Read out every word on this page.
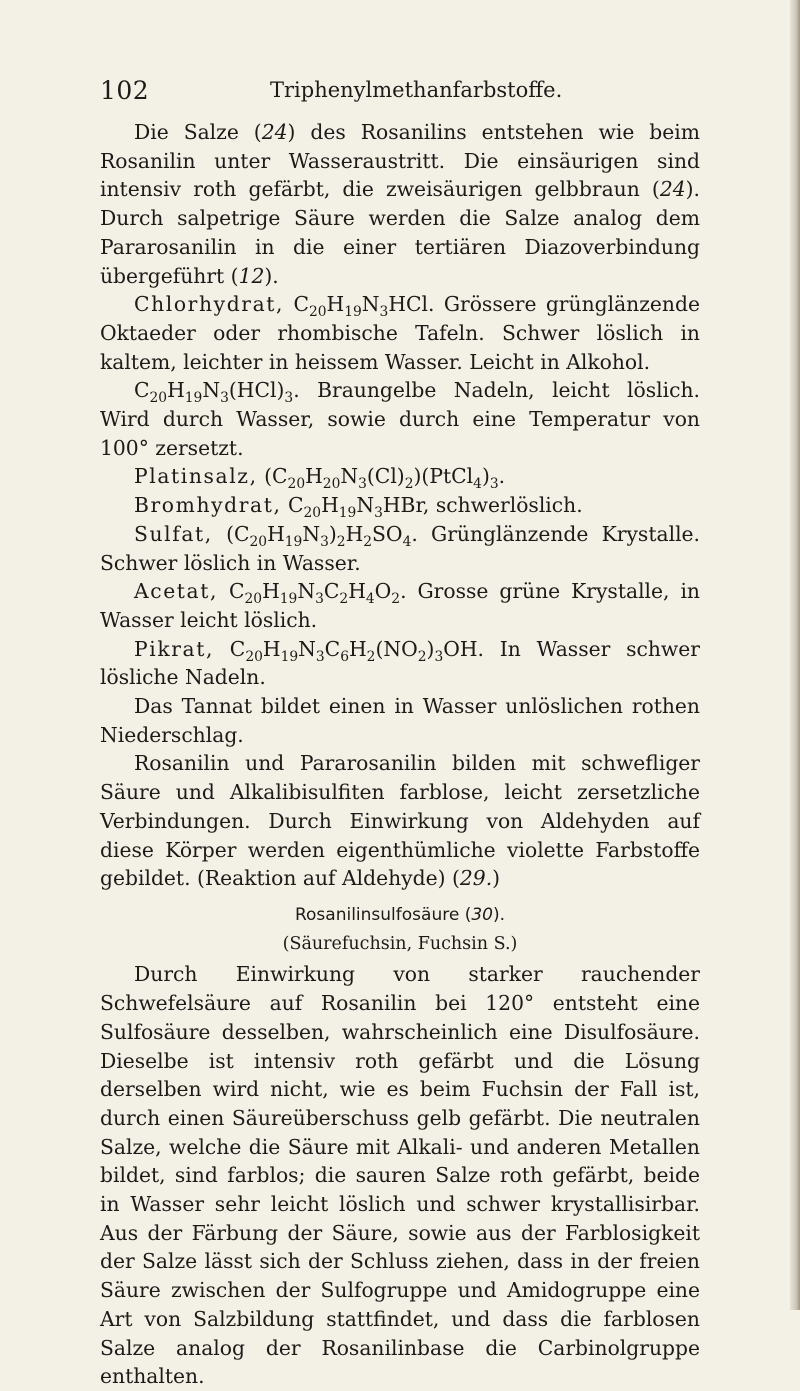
102	Triphenylmethanfarbstoffe.

Die Salze (24) des Rosanilins entstehen wie beim Rosanilin unter Wasseraustritt. Die einsäurigen sind intensiv roth gefärbt, die zweisäurigen gelbbraun (24). Durch salpetrige Säure werden die Salze analog dem Pararosanilin in die einer tertiären Diazoverbindung übergeführt (12).

Chlorhydrat, $C_{20}H_{19}N_3HCl$. Grössere grünglänzende Oktaeder oder rhombische Tafeln. Schwer löslich in kaltem, leichter in heissem Wasser. Leicht in Alkohol.

$C_{20}H_{19}N_3(HCl)_3$. Braungelbe Nadeln, leicht löslich. Wird durch Wasser, sowie durch eine Temperatur von 100° zersetzt.

Platinsalz, $(C_{20}H_{20}N_3(Cl)_2)(PtCl_4)_3$.

Bromhydrat, $C_{20}H_{19}N_3HBr$, schwerlöslich.

Sulfat, $(C_{20}H_{19}N_3)_2H_2SO_4$. Grünglänzende Krystalle. Schwer löslich in Wasser.

Acetat, $C_{20}H_{19}N_3C_2H_4O_2$. Grosse grüne Krystalle, in Wasser leicht löslich.

Pikrat, $C_{20}H_{19}N_3C_6H_2(NO_2)_3OH$. In Wasser schwer lösliche Nadeln.

Das Tannat bildet einen in Wasser unlöslichen rothen Niederschlag.

Rosanilin und Pararosanilin bilden mit schwefliger Säure und Alkalibisulfiten farblose, leicht zersetzliche Verbindungen. Durch Einwirkung von Aldehyden auf diese Körper werden eigenthümliche violette Farbstoffe gebildet. (Reaktion auf Aldehyde) (29.)

Rosanilinsulfosäure (30).

(Säurefuchsin, Fuchsin S.)

Durch Einwirkung von starker rauchender Schwefelsäure auf Rosanilin bei 120° entsteht eine Sulfosäure desselben, wahrscheinlich eine Disulfosäure. Dieselbe ist intensiv roth gefärbt und die Lösung derselben wird nicht, wie es beim Fuchsin der Fall ist, durch einen Säureüberschuss gelb gefärbt. Die neutralen Salze, welche die Säure mit Alkali- und anderen Metallen bildet, sind farblos; die sauren Salze roth gefärbt, beide in Wasser sehr leicht löslich und schwer krystallisirbar. Aus der Färbung der Säure, sowie aus der Farblosigkeit der Salze lässt sich der Schluss ziehen, dass in der freien Säure zwischen der Sulfogruppe und Amidogruppe eine Art von Salzbildung stattfindet, und dass die farblosen Salze analog der Rosanilinbase die Carbinolgruppe enthalten.
